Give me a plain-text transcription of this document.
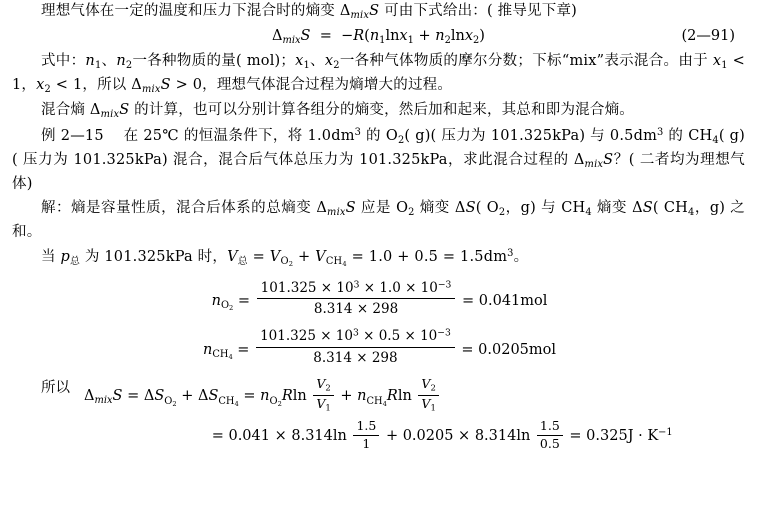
理想气体在一定的温度和压力下混合时的熵变 $\Delta_{mix}S$ 可由下式给出：( 推导见下章)

$\Delta_{mix}S = -R(n_1\ln x_1 + n_2\ln x_2)$	(2—91)

式中：$n_1$、$n_2$一各种物质的量( mol)；$x_1$、$x_2$一各种气体物质的摩尔分数；下标“mix”表示混合。由于 $x_1 < 1$，$x_2 < 1$，所以 $\Delta_{mix}S > 0$，理想气体混合过程为熵增大的过程。

混合熵 $\Delta_{mix}S$ 的计算，也可以分别计算各组分的熵变，然后加和起来，其总和即为混合熵。

例 2—15    在 25℃ 的恒温条件下，将 $1.0dm^3$ 的 $O_2$( g)( 压力为 101.325kPa) 与 $0.5dm^3$ 的 $CH_4$( g)( 压力为 101.325kPa) 混合，混合后气体总压力为 101.325kPa，求此混合过程的 $\Delta_{mix}S$？( 二者均为理想气体)

解：熵是容量性质，混合后体系的总熵变 $\Delta_{mix}S$ 应是 $O_2$ 熵变 ΔS( $O_2$，g) 与 $CH_4$ 熵变 ΔS( $CH_4$，g) 之和。

当 $p_总$ 为 101.325kPa 时，$V_总 = V_{O_2} + V_{CH_4} = 1.0 + 0.5 = 1.5dm^3$。

$n_{O_2} = \frac{101.325 \times 10^3 \times 1.0 \times 10^{-3}}{8.314 \times 298} = 0.041mol$
$n_{CH_4} = \frac{101.325 \times 10^3 \times 0.5 \times 10^{-3}}{8.314 \times 298} = 0.0205mol$
所以
$\Delta_{mix}S = \Delta S_{O_2} + \Delta S_{CH_4} = n_{O_2}Rln \frac{V_2}{V_1} + n_{CH_4}Rln \frac{V_2}{V_1}$

= $0.041 \times 8.314\ln \frac{1.5}{1} + 0.0205 \times 8.314\ln \frac{1.5}{0.5} = 0.325J \cdot K^{-1}$
